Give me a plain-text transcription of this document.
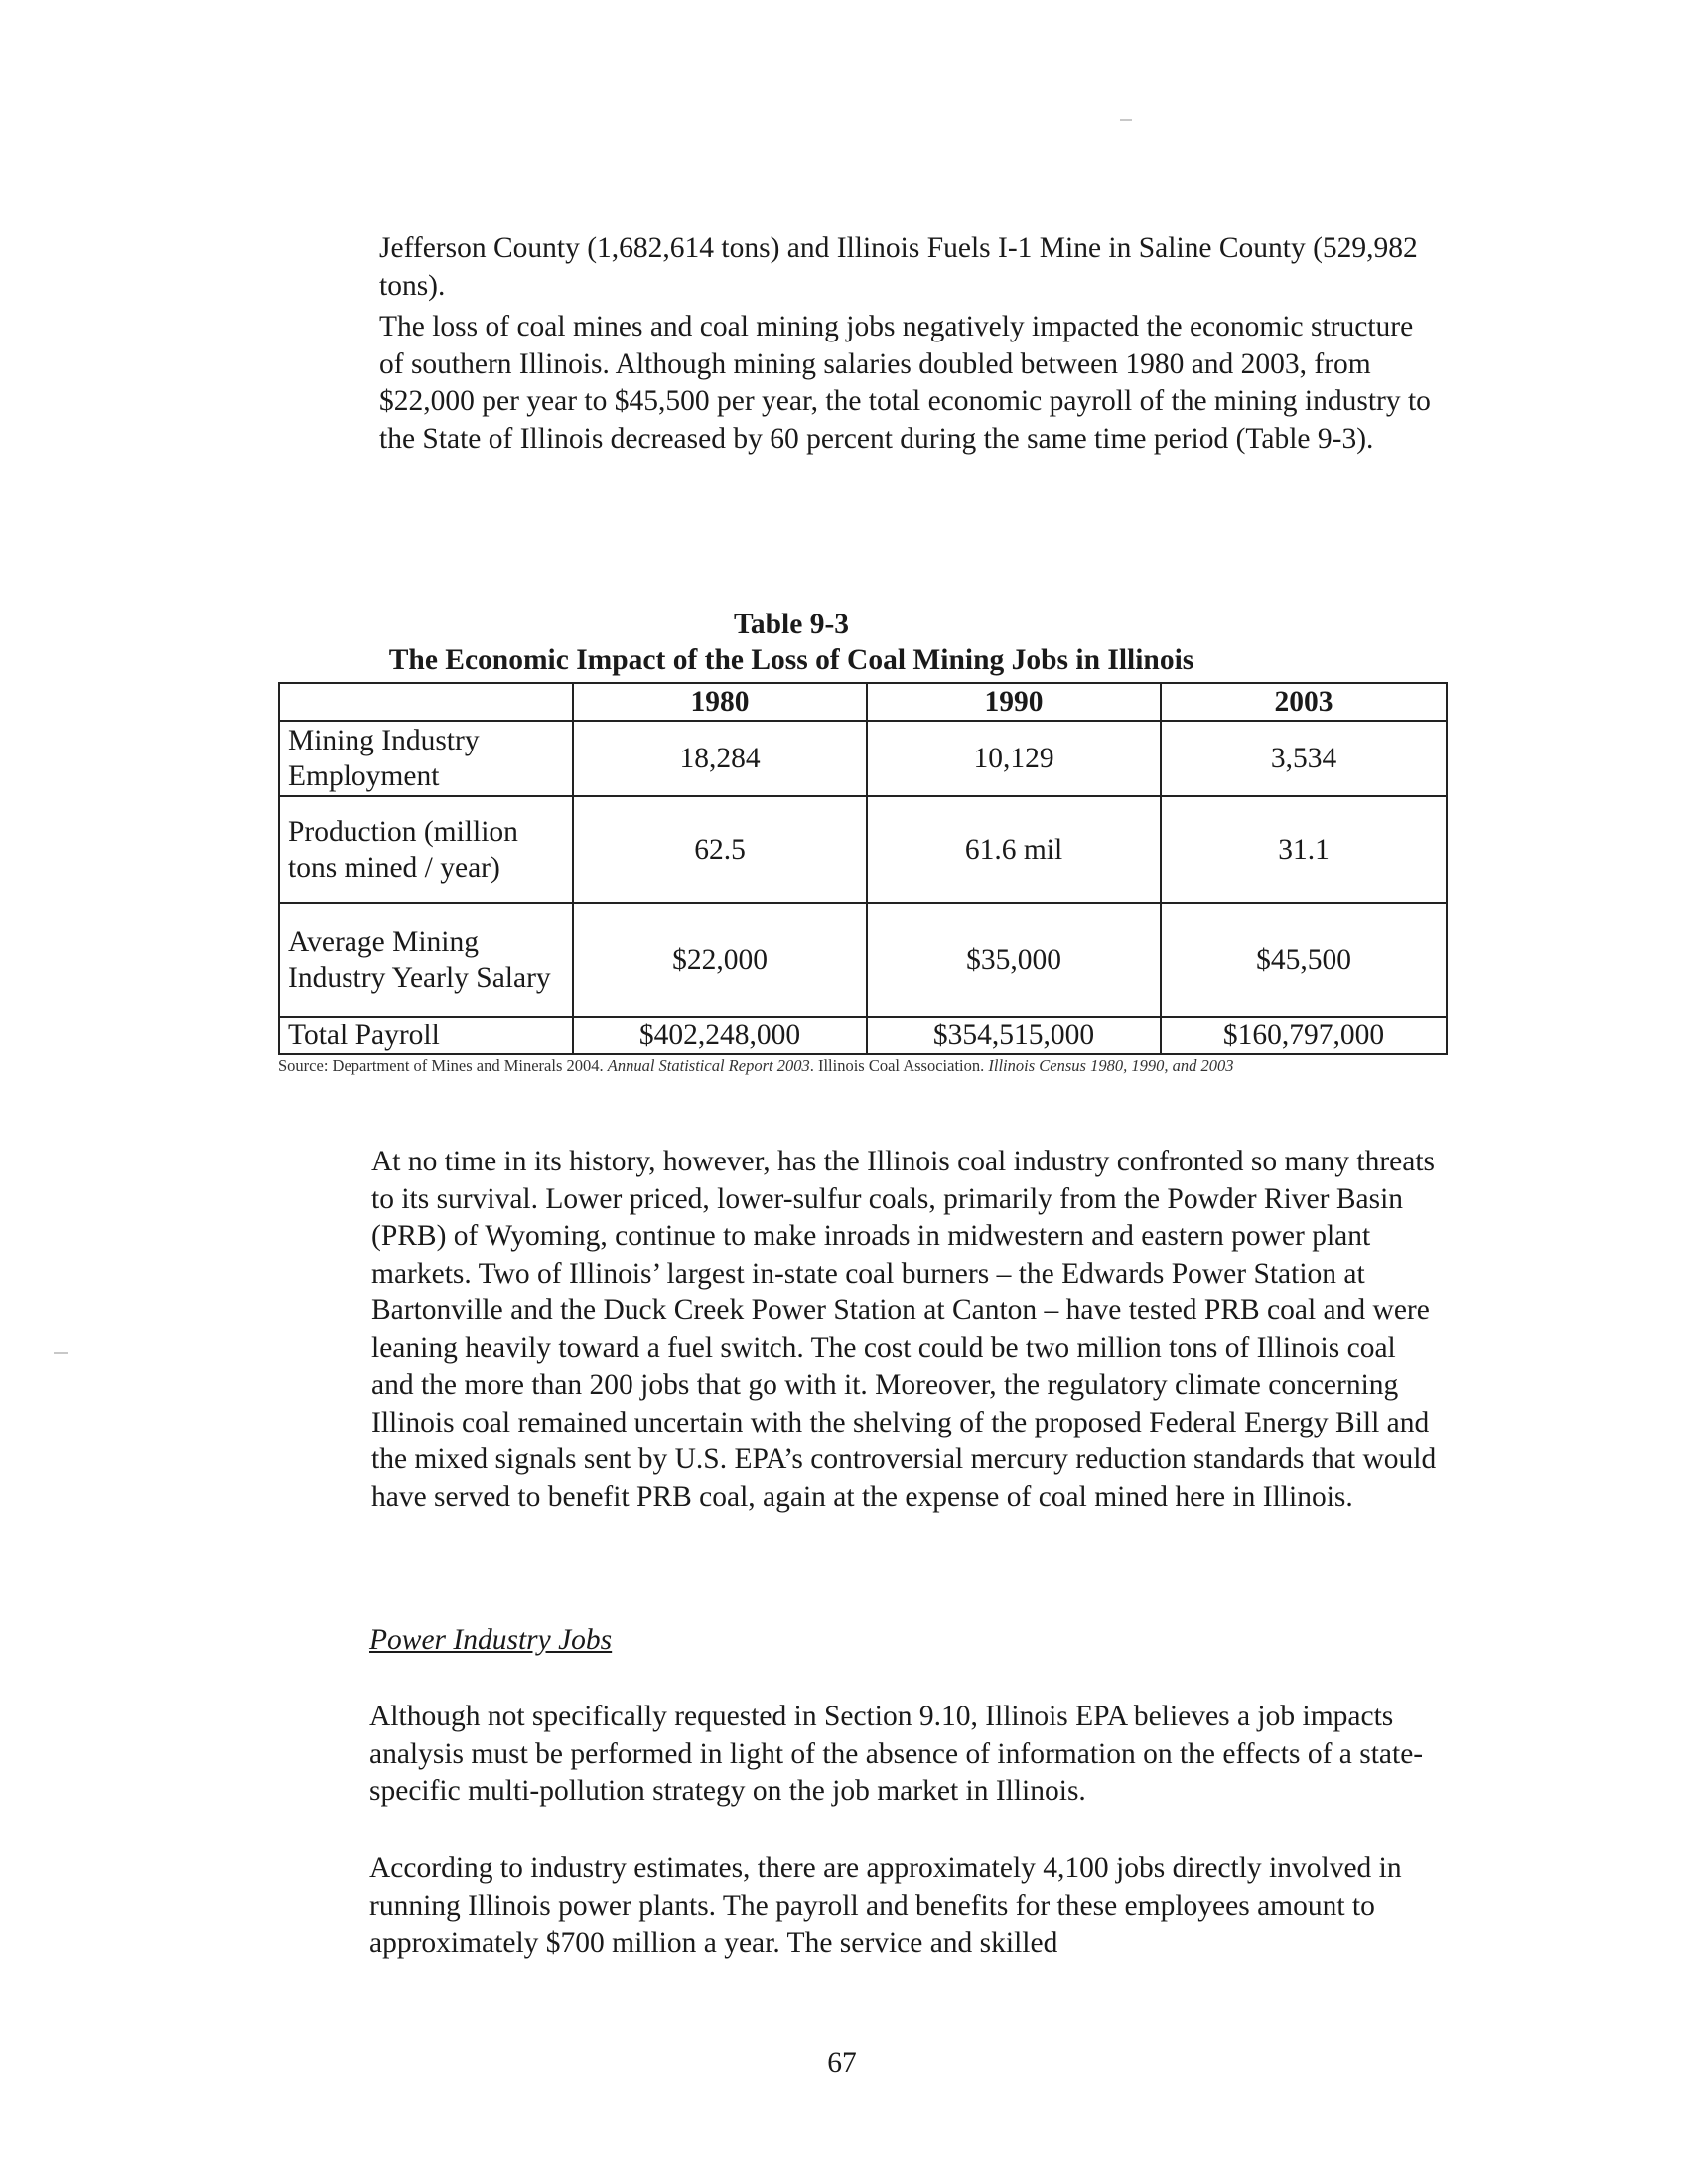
Jefferson County (1,682,614 tons) and Illinois Fuels I-1 Mine in Saline County (529,982 tons).

The loss of coal mines and coal mining jobs negatively impacted the economic structure of southern Illinois. Although mining salaries doubled between 1980 and 2003, from $22,000 per year to $45,500 per year, the total economic payroll of the mining industry to the State of Illinois decreased by 60 percent during the same time period (Table 9-3).

Table 9-3

The Economic Impact of the Loss of Coal Mining Jobs in Illinois

	1980	1990	2003
Mining Industry Employment	18,284	10,129	3,534
Production (million tons mined / year)	62.5	61.6 mil	31.1
Average Mining Industry Yearly Salary	$22,000	$35,000	$45,500
Total Payroll	$402,248,000	$354,515,000	$160,797,000

Source: Department of Mines and Minerals 2004. Annual Statistical Report 2003. Illinois Coal Association. Illinois Census 1980, 1990, and 2003

At no time in its history, however, has the Illinois coal industry confronted so many threats to its survival. Lower priced, lower-sulfur coals, primarily from the Powder River Basin (PRB) of Wyoming, continue to make inroads in midwestern and eastern power plant markets. Two of Illinois’ largest in-state coal burners – the Edwards Power Station at Bartonville and the Duck Creek Power Station at Canton – have tested PRB coal and were leaning heavily toward a fuel switch. The cost could be two million tons of Illinois coal and the more than 200 jobs that go with it. Moreover, the regulatory climate concerning Illinois coal remained uncertain with the shelving of the proposed Federal Energy Bill and the mixed signals sent by U.S. EPA’s controversial mercury reduction standards that would have served to benefit PRB coal, again at the expense of coal mined here in Illinois.

Power Industry Jobs

Although not specifically requested in Section 9.10, Illinois EPA believes a job impacts analysis must be performed in light of the absence of information on the effects of a state-specific multi-pollution strategy on the job market in Illinois.

According to industry estimates, there are approximately 4,100 jobs directly involved in running Illinois power plants. The payroll and benefits for these employees amount to approximately $700 million a year. The service and skilled

67
